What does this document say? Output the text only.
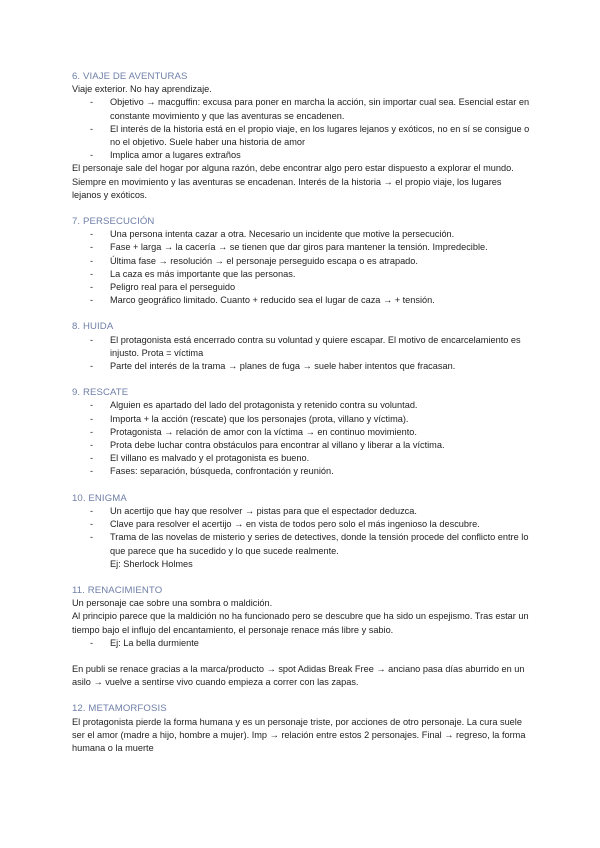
6. VIAJE DE AVENTURAS

Viaje exterior. No hay aprendizaje.

- Objetivo → macguffin: excusa para poner en marcha la acción, sin importar cual sea. Esencial estar en constante movimiento y que las aventuras se encadenen.
- El interés de la historia está en el propio viaje, en los lugares lejanos y exóticos, no en sí se consigue o no el objetivo. Suele haber una historia de amor
- Implica amor a lugares extraños

El personaje sale del hogar por alguna razón, debe encontrar algo pero estar dispuesto a explorar el mundo. Siempre en movimiento y las aventuras se encadenan. Interés de la historia → el propio viaje, los lugares lejanos y exóticos.

7. PERSECUCIÓN
- Una persona intenta cazar a otra. Necesario un incidente que motive la persecución.
- Fase + larga → la cacería → se tienen que dar giros para mantener la tensión. Impredecible.
- Última fase → resolución → el personaje perseguido escapa o es atrapado.
- La caza es más importante que las personas.
- Peligro real para el perseguido
- Marco geográfico limitado. Cuanto + reducido sea el lugar de caza → + tensión.
8. HUIDA
- El protagonista está encerrado contra su voluntad y quiere escapar. El motivo de encarcelamiento es injusto. Prota = víctima
- Parte del interés de la trama → planes de fuga → suele haber intentos que fracasan.
9. RESCATE
- Alguien es apartado del lado del protagonista y retenido contra su voluntad.
- Importa + la acción (rescate) que los personajes (prota, villano y víctima).
- Protagonista → relación de amor con la víctima → en continuo movimiento.
- Prota debe luchar contra obstáculos para encontrar al villano y liberar a la víctima.
- El villano es malvado y el protagonista es bueno.
- Fases: separación, búsqueda, confrontación y reunión.
10. ENIGMA
- Un acertijo que hay que resolver → pistas para que el espectador deduzca.
- Clave para resolver el acertijo → en vista de todos pero solo el más ingenioso la descubre.
- Trama de las novelas de misterio y series de detectives, donde la tensión procede del conflicto entre lo que parece que ha sucedido y lo que sucede realmente.
Ej: Sherlock Holmes
11. RENACIMIENTO

Un personaje cae sobre una sombra o maldición.
Al principio parece que la maldición no ha funcionado pero se descubre que ha sido un espejismo. Tras estar un tiempo bajo el influjo del encantamiento, el personaje renace más libre y sabio.

- Ej: La bella durmiente

En publi se renace gracias a la marca/producto → spot Adidas Break Free → anciano pasa días aburrido en un asilo → vuelve a sentirse vivo cuando empieza a correr con las zapas.

12. METAMORFOSIS

El protagonista pierde la forma humana y es un personaje triste, por acciones de otro personaje. La cura suele ser el amor (madre a hijo, hombre a mujer). Imp → relación entre estos 2 personajes. Final → regreso, la forma humana o la muerte
